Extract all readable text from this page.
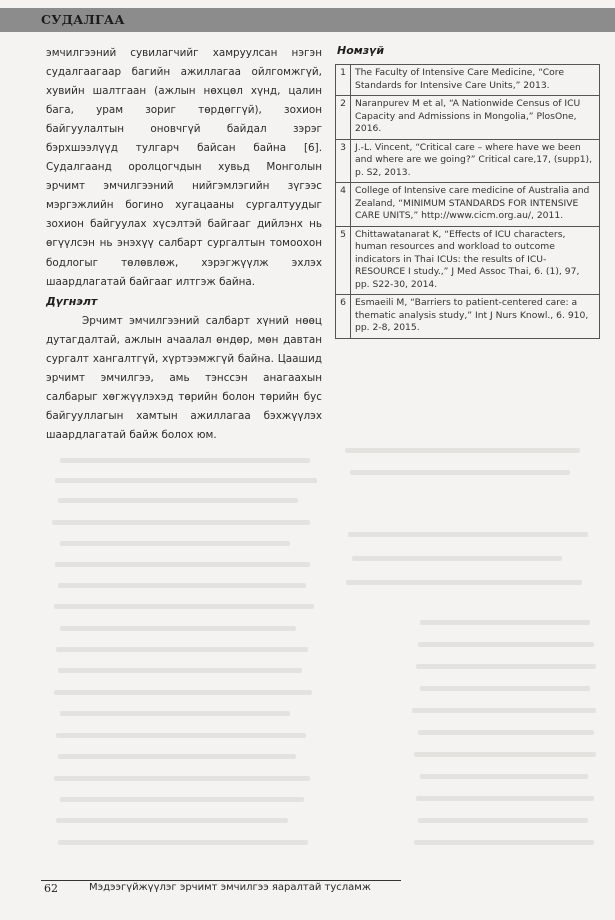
СУДАЛГАА

эмчилгээний сувилагчийг хамруулсан нэгэн судалгаагаар багийн ажиллагаа ойлгомжгүй, хувийн шалтгаан (ажлын нөхцөл хүнд, цалин бага, урам зориг төрдөггүй), зохион байгуулалтын оновчгүй байдал зэрэг бэрхшээлүүд тулгарч байсан байна [6]. Судалгаанд оролцогчдын хувьд Монголын эрчимт эмчилгээний нийгэмлэгийн зүгээс мэргэжлийн богино хугацааны сургалтуудыг зохион байгуулах хүсэлтэй байгааг дийлэнх нь өгүүлсэн нь энэхүү салбарт сургалтын томоохон бодлогыг төлөвлөж, хэрэгжүүлж эхлэх шаардлагатай байгааг илтгэж байна.

Дүгнэлт

Эрчимт эмчилгээний салбарт хүний нөөц дутагдалтай, ажлын ачаалал өндөр, мөн давтан сургалт хангалтгүй, хүртээмжгүй байна. Цаашид эрчимт эмчилгээ, амь тэнссэн анагаахын салбарыг хөгжүүлэхэд төрийн болон төрийн бус байгууллагын хамтын ажиллагаа бэхжүүлэх шаардлагатай байж болох юм.

Номзүй
1	The Faculty of Intensive Care Medicine, “Core Standards for Intensive Care Units,” 2013.
2	Naranpurev M et al, “A Nationwide Census of ICU Capacity and Admissions in Mongolia,” PlosOne, 2016.
3	J.-L. Vincent, “Critical care – where have we been and where are we going?” Critical care,17, (supp1), p. S2, 2013.
4	College of Intensive care medicine of Australia and Zealand, “MINIMUM STANDARDS FOR INTENSIVE CARE UNITS,” http://www.cicm.org.au/, 2011.
5	Chittawatanarat K, “Effects of ICU characters, human resources and workload to outcome indicators in Thai ICUs: the results of ICU-RESOURCE I study.,” J Med Assoc Thai, 6. (1), 97, pp. S22-30, 2014.
6	Esmaeili M, “Barriers to patient-centered care: a thematic analysis study,” Int J Nurs Knowl., 6. 910, pp. 2-8, 2015.
62	Мэдээгүйжүүлэг эрчимт эмчилгээ яаралтай тусламж
